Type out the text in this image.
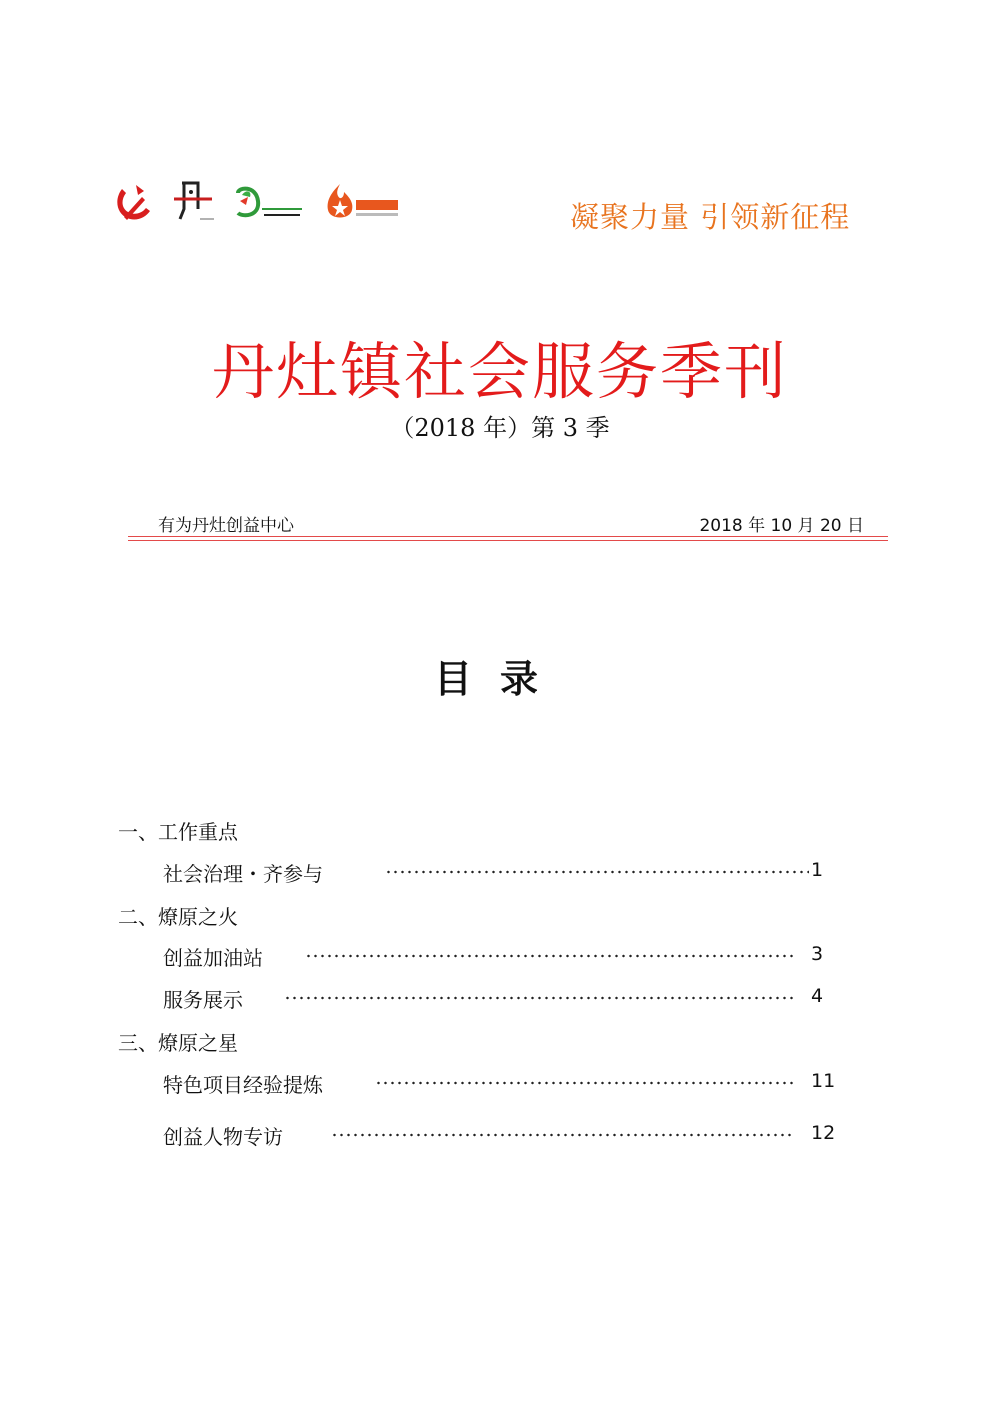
凝聚力量 引领新征程
丹灶镇社会服务季刊
（2018 年）第 3 季
有为丹灶创益中心	2018 年 10 月 20 日
目录
一、工作重点
社会治理・齐参与	1
二、燎原之火
创益加油站	3
服务展示	4
三、燎原之星
特色项目经验提炼	11
创益人物专访	12
